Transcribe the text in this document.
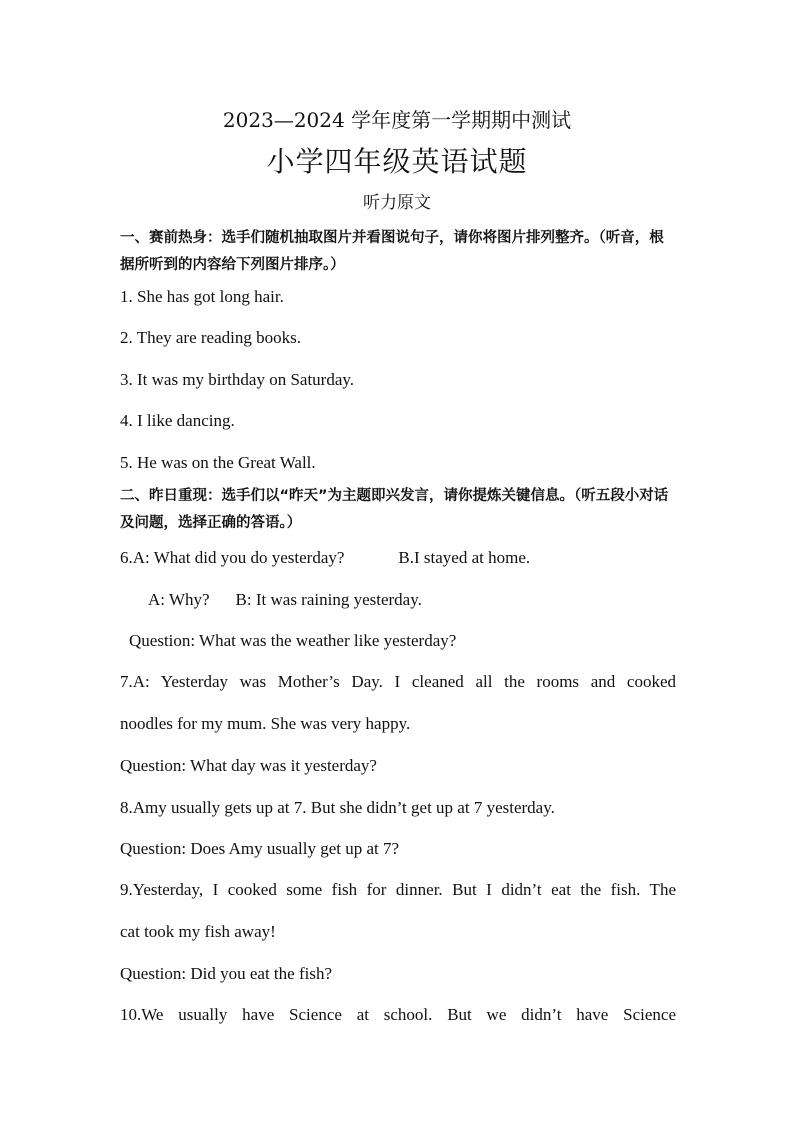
2023—2024 学年度第一学期期中测试
小学四年级英语试题
听力原文
一、赛前热身：选手们随机抽取图片并看图说句子，请你将图片排列整齐。（听音，根据所听到的内容给下列图片排序。）
1. She has got long hair.
2. They are reading books.
3. It was my birthday on Saturday.
4. I like dancing.
5. He was on the Great Wall.
二、昨日重现：选手们以“昨天”为主题即兴发言，请你提炼关键信息。（听五段小对话及问题，选择正确的答语。）
6.A: What did you do yesterday?	B.I stayed at home.
A: Why? B: It was raining yesterday.
Question: What was the weather like yesterday?
7.A: Yesterday was Mother’s Day. I cleaned all the rooms and cooked
noodles for my mum. She was very happy.
Question: What day was it yesterday?
8.Amy usually gets up at 7. But she didn’t get up at 7 yesterday.
Question: Does Amy usually get up at 7?
9.Yesterday, I cooked some fish for dinner. But I didn’t eat the fish. The
cat took my fish away!
Question: Did you eat the fish?
10.We usually have Science at school. But we didn’t have Science
